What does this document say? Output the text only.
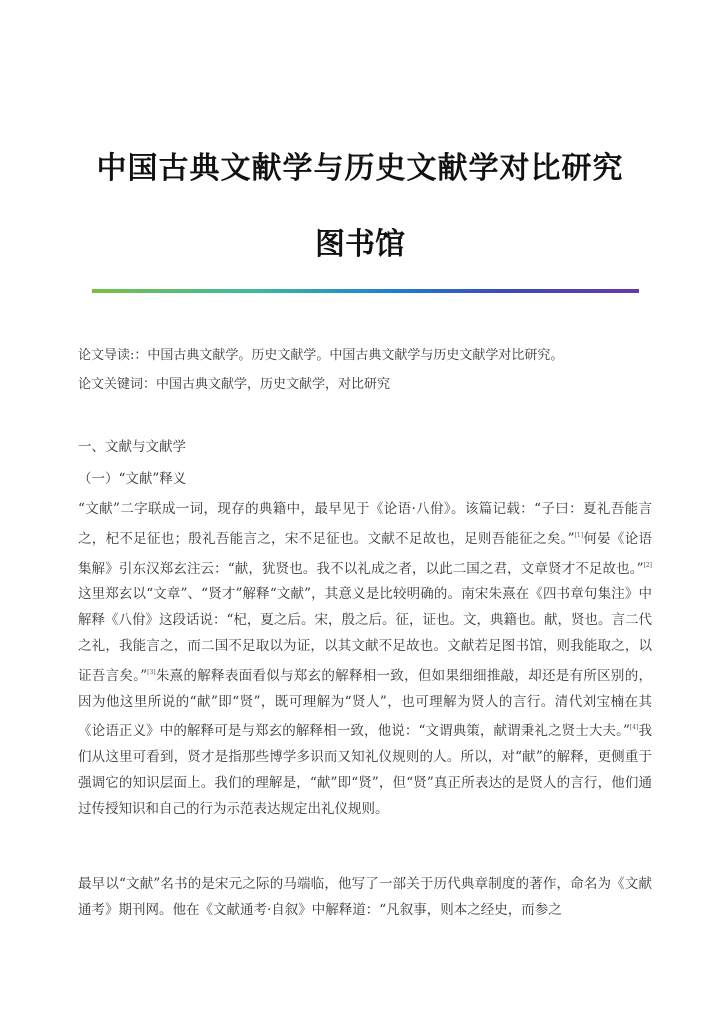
中国古典文献学与历史文献学对比研究
图书馆
论文导读:：中国古典文献学。历史文献学。中国古典文献学与历史文献学对比研究。
论文关键词：中国古典文献学，历史文献学，对比研究
一、文献与文献学
（一）“文献”释义

“文献”二字联成一词，现存的典籍中，最早见于《论语·八佾》。该篇记载：“子曰：夏礼吾能言之，杞不足征也；殷礼吾能言之，宋不足征也。文献不足故也，足则吾能征之矣。”[1]何晏《论语集解》引东汉郑玄注云：“献，犹贤也。我不以礼成之者，以此二国之君，文章贤才不足故也。”[2]这里郑玄以“文章”、“贤才”解释“文献”，其意义是比较明确的。南宋朱熹在《四书章句集注》中解释《八佾》这段话说：“杞，夏之后。宋，殷之后。征，证也。文，典籍也。献，贤也。言二代之礼，我能言之，而二国不足取以为证，以其文献不足故也。文献若足图书馆，则我能取之，以证吾言矣。”[3]朱熹的解释表面看似与郑玄的解释相一致，但如果细细推敲，却还是有所区别的，因为他这里所说的“献”即“贤”，既可理解为“贤人”，也可理解为贤人的言行。清代刘宝楠在其《论语正义》中的解释可是与郑玄的解释相一致，他说：“文谓典策，献谓秉礼之贤士大夫。”[4]我们从这里可看到，贤才是指那些博学多识而又知礼仪规则的人。所以，对“献”的解释，更侧重于强调它的知识层面上。我们的理解是，“献”即“贤”，但“贤”真正所表达的是贤人的言行，他们通过传授知识和自己的行为示范表达规定出礼仪规则。

最早以“文献”名书的是宋元之际的马端临，他写了一部关于历代典章制度的著作，命名为《文献通考》期刊网。他在《文献通考·自叙》中解释道：“凡叙事，则本之经史，而参之
